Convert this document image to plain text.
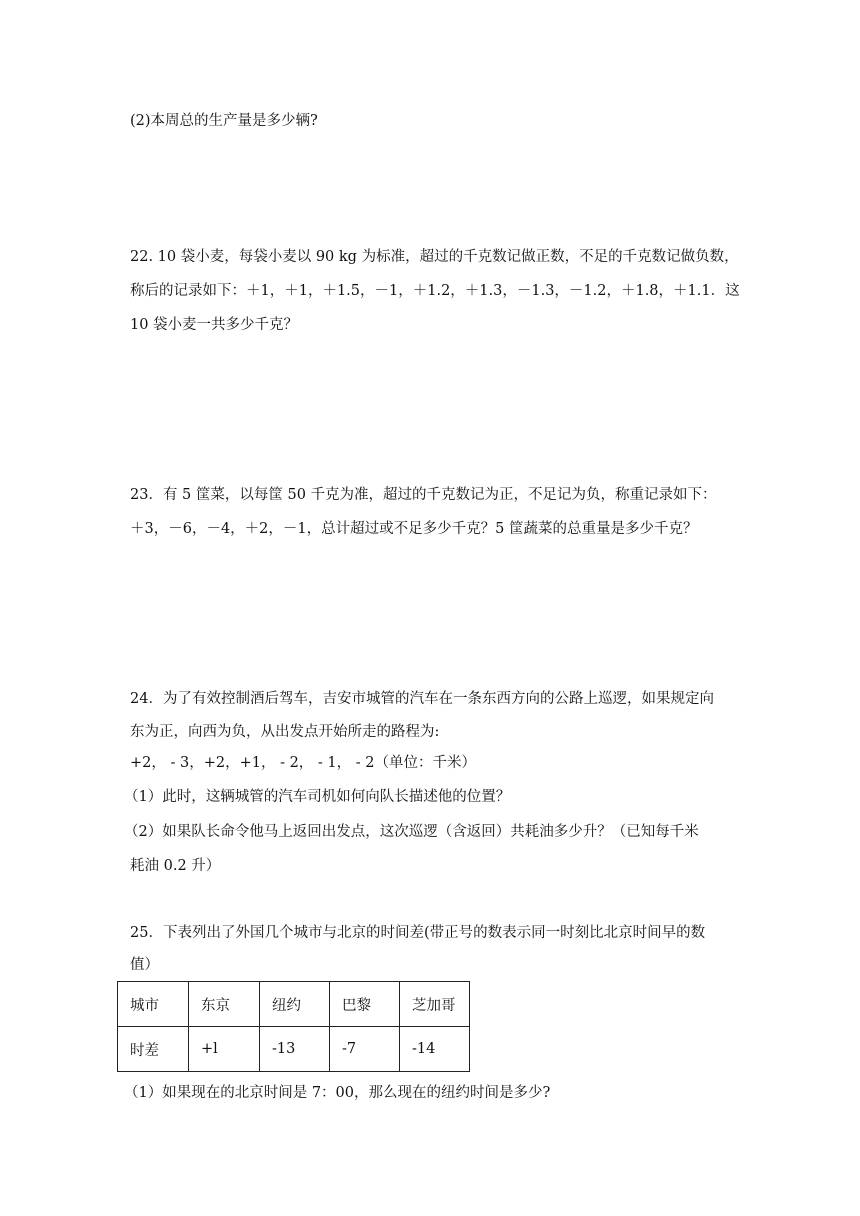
(2)本周总的生产量是多少辆?
22. 10 袋小麦，每袋小麦以 90 kg 为标准，超过的千克数记做正数，不足的千克数记做负数，
称后的记录如下：＋1，＋1，＋1.5，－1，＋1.2，＋1.3，－1.3，－1.2，＋1.8，＋1.1．这
10 袋小麦一共多少千克？
23．有 5 筐菜，以每筐 50 千克为准，超过的千克数记为正，不足记为负，称重记录如下：
＋3，－6，－4，＋2，－1，总计超过或不足多少千克？5 筐蔬菜的总重量是多少千克？
24．为了有效控制酒后驾车，吉安市城管的汽车在一条东西方向的公路上巡逻，如果规定向
东为正，向西为负，从出发点开始所走的路程为:
+2， - 3，+2，+1， - 2， - 1， - 2（单位：千米）
（1）此时，这辆城管的汽车司机如何向队长描述他的位置？
（2）如果队长命令他马上返回出发点，这次巡逻（含返回）共耗油多少升？（已知每千米
耗油 0.2 升）
25．下表列出了外国几个城市与北京的时间差(带正号的数表示同一时刻比北京时间早的数
值）
城市	东京	纽约	巴黎	芝加哥
时差	+l	-13	-7	-14
（1）如果现在的北京时间是 7：00，那么现在的纽约时间是多少?
